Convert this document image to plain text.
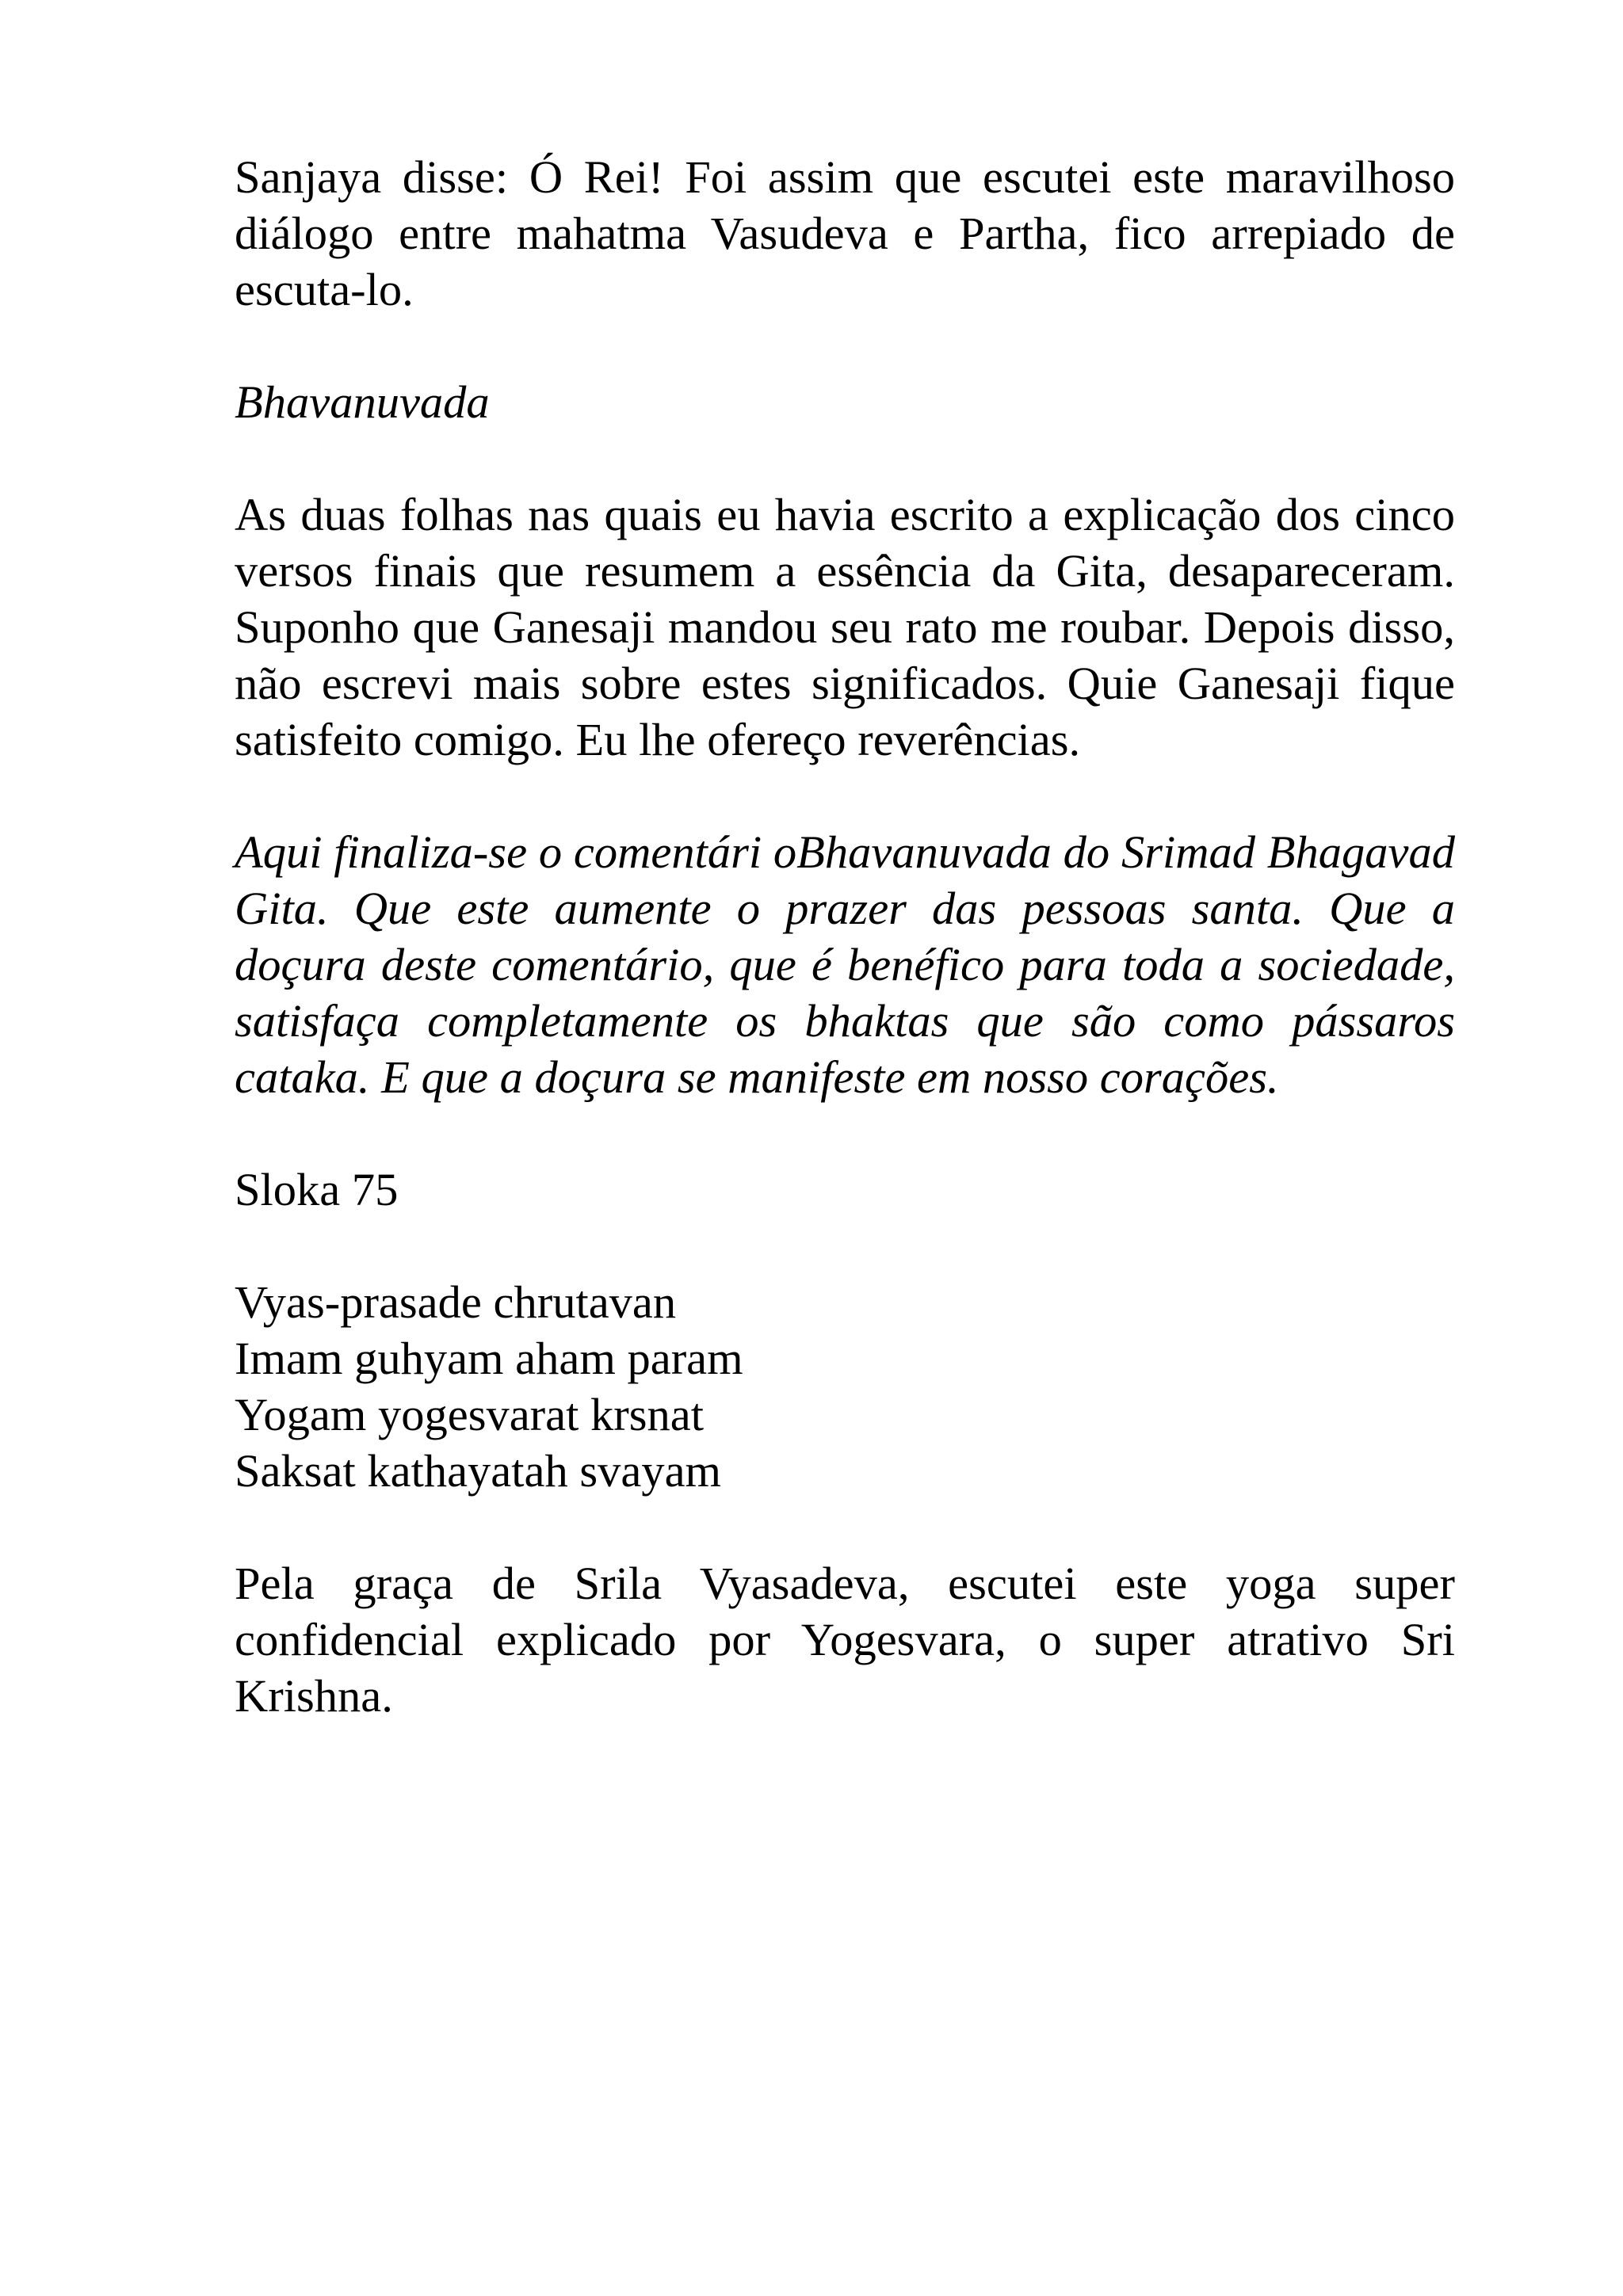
Sanjaya disse: Ó Rei! Foi assim que escutei este maravilhoso diálogo entre mahatma Vasudeva e Partha, fico arrepiado de escuta-lo.

Bhavanuvada

As duas folhas nas quais eu havia escrito a explicação dos cinco versos finais que resumem a essência da Gita, desapareceram. Suponho que Ganesaji mandou seu rato me roubar. Depois disso, não escrevi mais sobre estes significados. Quie Ganesaji fique satisfeito comigo. Eu lhe ofereço reverências.

Aqui finaliza-se o comentári oBhavanuvada do Srimad Bhagavad Gita. Que este aumente o prazer das pessoas santa. Que a doçura deste comentário, que é benéfico para toda a sociedade, satisfaça completamente os bhaktas que são como pássaros cataka. E que a doçura se manifeste em nosso corações.

Sloka 75

Vyas-prasade chrutavan
Imam guhyam aham param
Yogam yogesvarat krsnat
Saksat kathayatah svayam

Pela graça de Srila Vyasadeva, escutei este yoga super confidencial explicado por Yogesvara, o super atrativo Sri Krishna.
